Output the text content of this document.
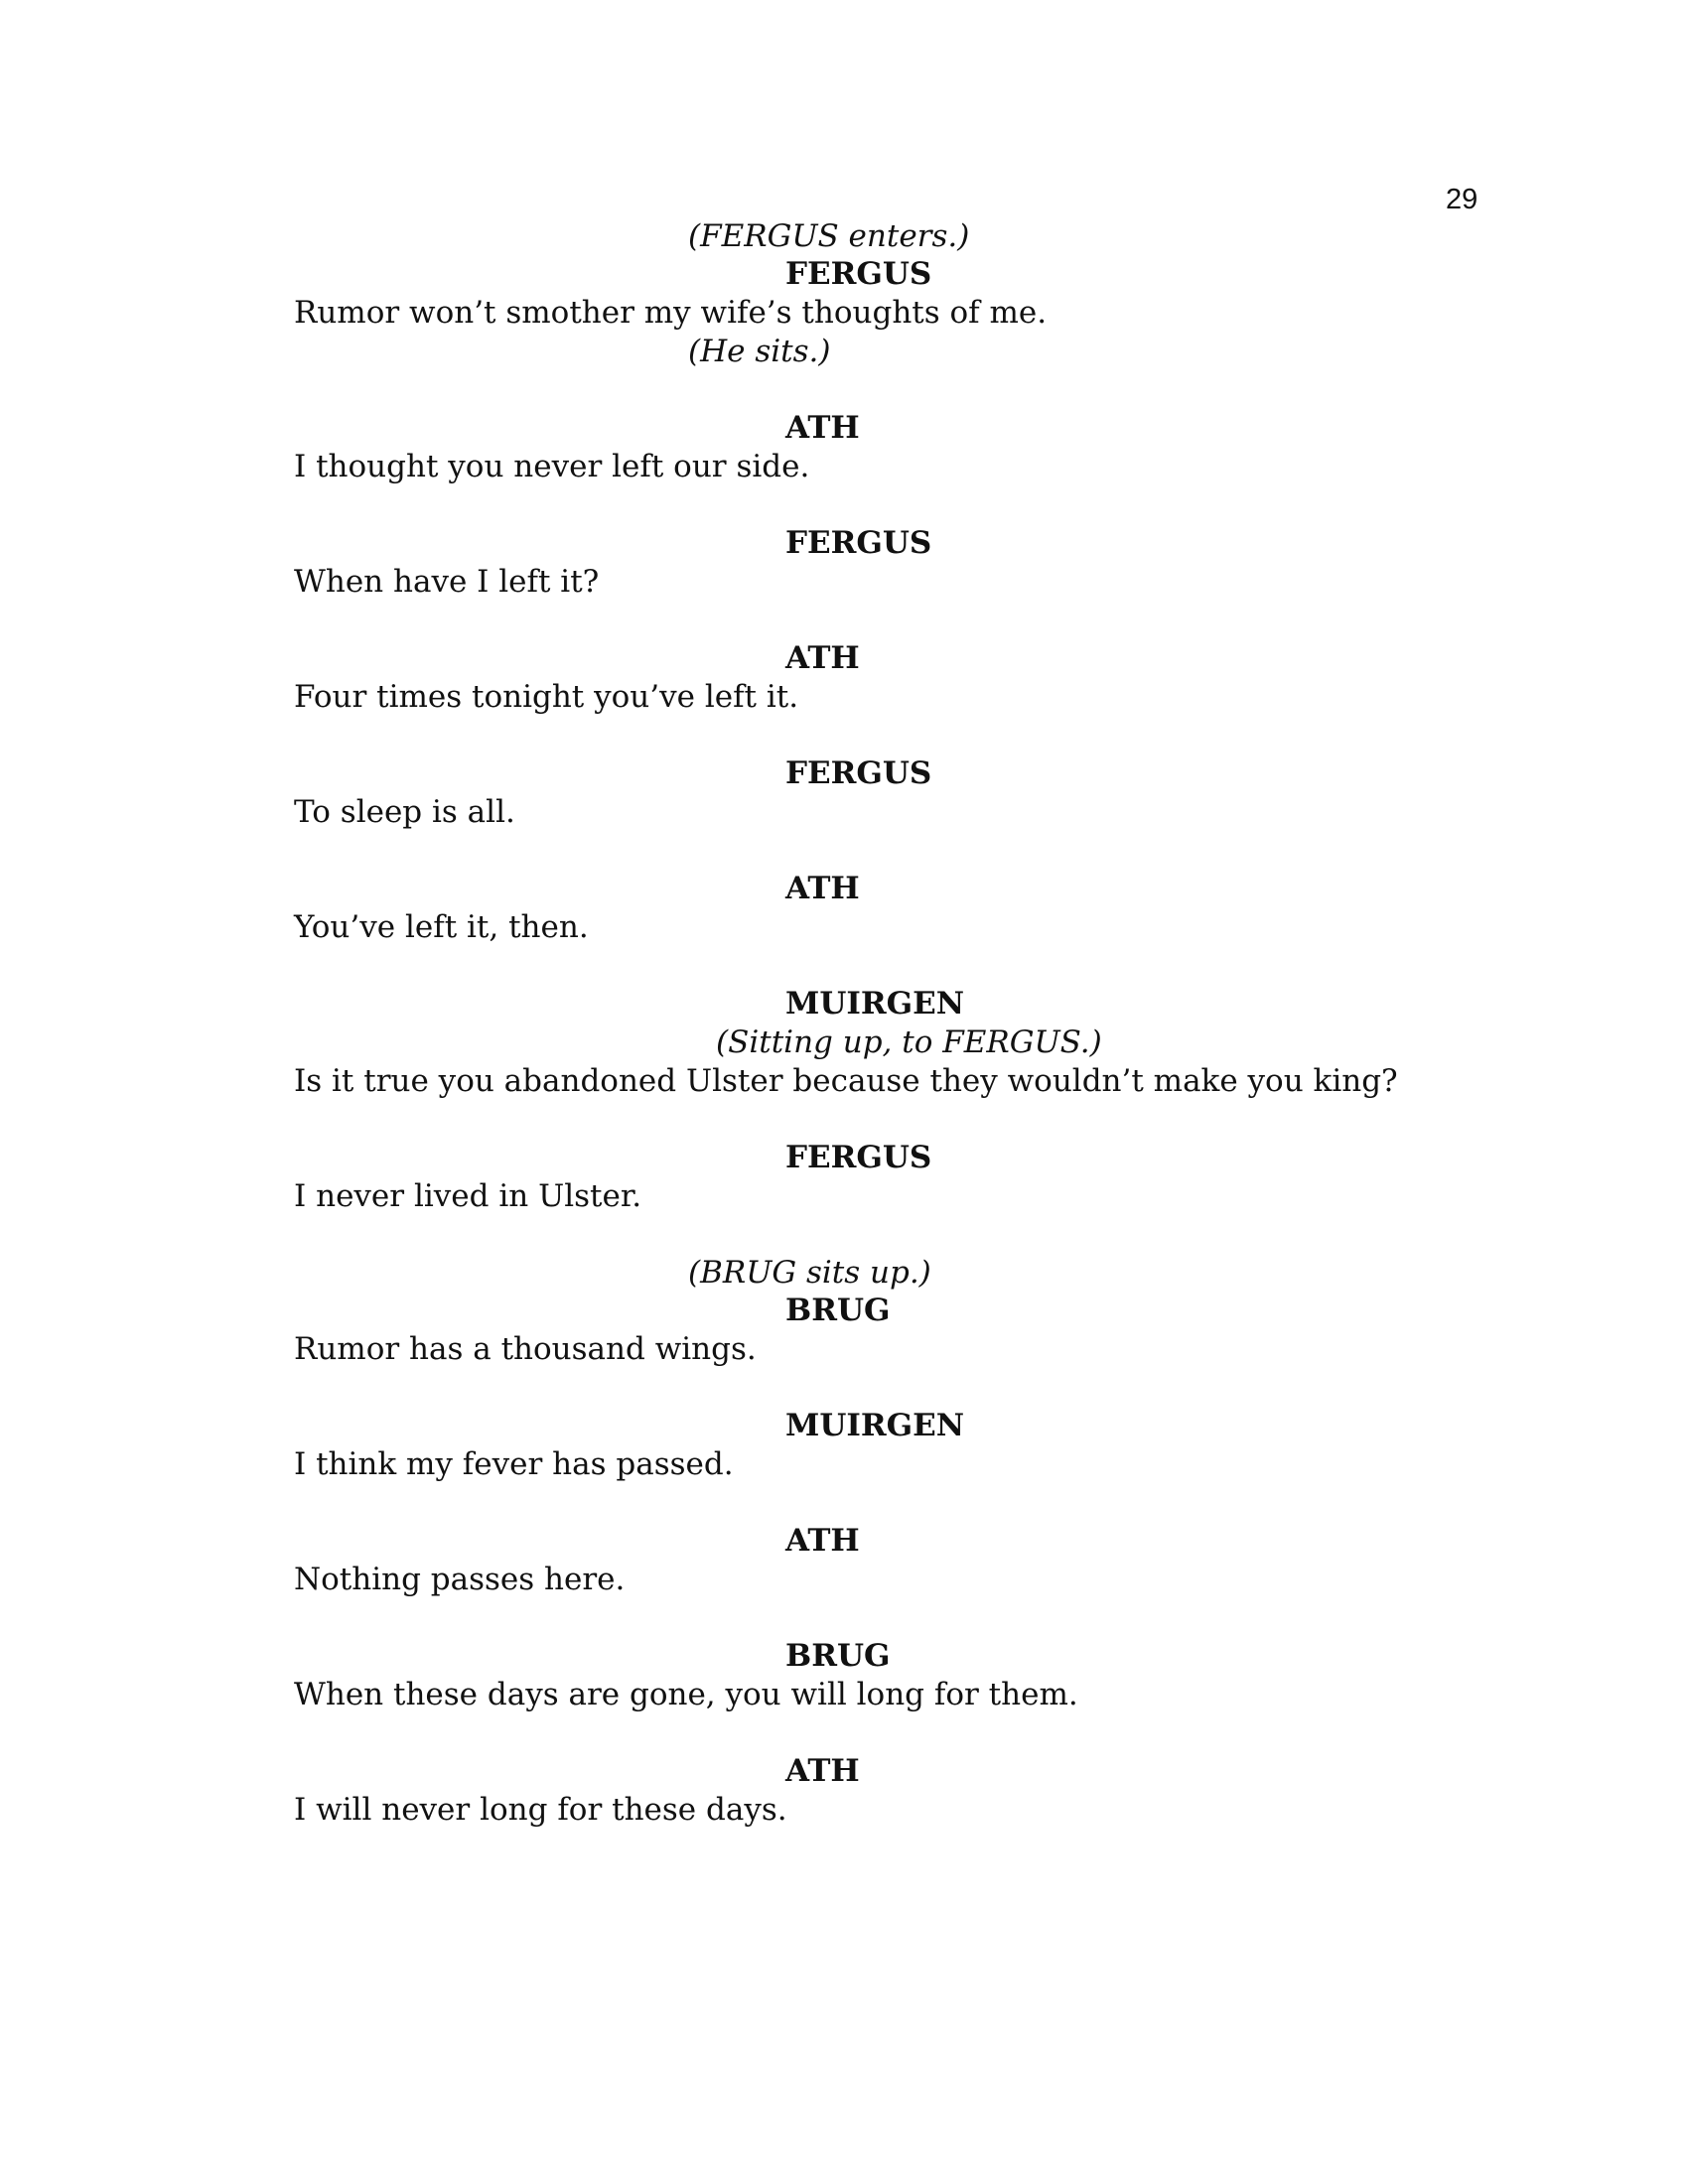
29
(FERGUS enters.)
FERGUS
Rumor won’t smother my wife’s thoughts of me.
(He sits.)
ATH
I thought you never left our side.
FERGUS
When have I left it?
ATH
Four times tonight you’ve left it.
FERGUS
To sleep is all.
ATH
You’ve left it, then.
MUIRGEN
(Sitting up, to FERGUS.)
Is it true you abandoned Ulster because they wouldn’t make you king?
FERGUS
I never lived in Ulster.
(BRUG sits up.)
BRUG
Rumor has a thousand wings.
MUIRGEN
I think my fever has passed.
ATH
Nothing passes here.
BRUG
When these days are gone, you will long for them.
ATH
I will never long for these days.
